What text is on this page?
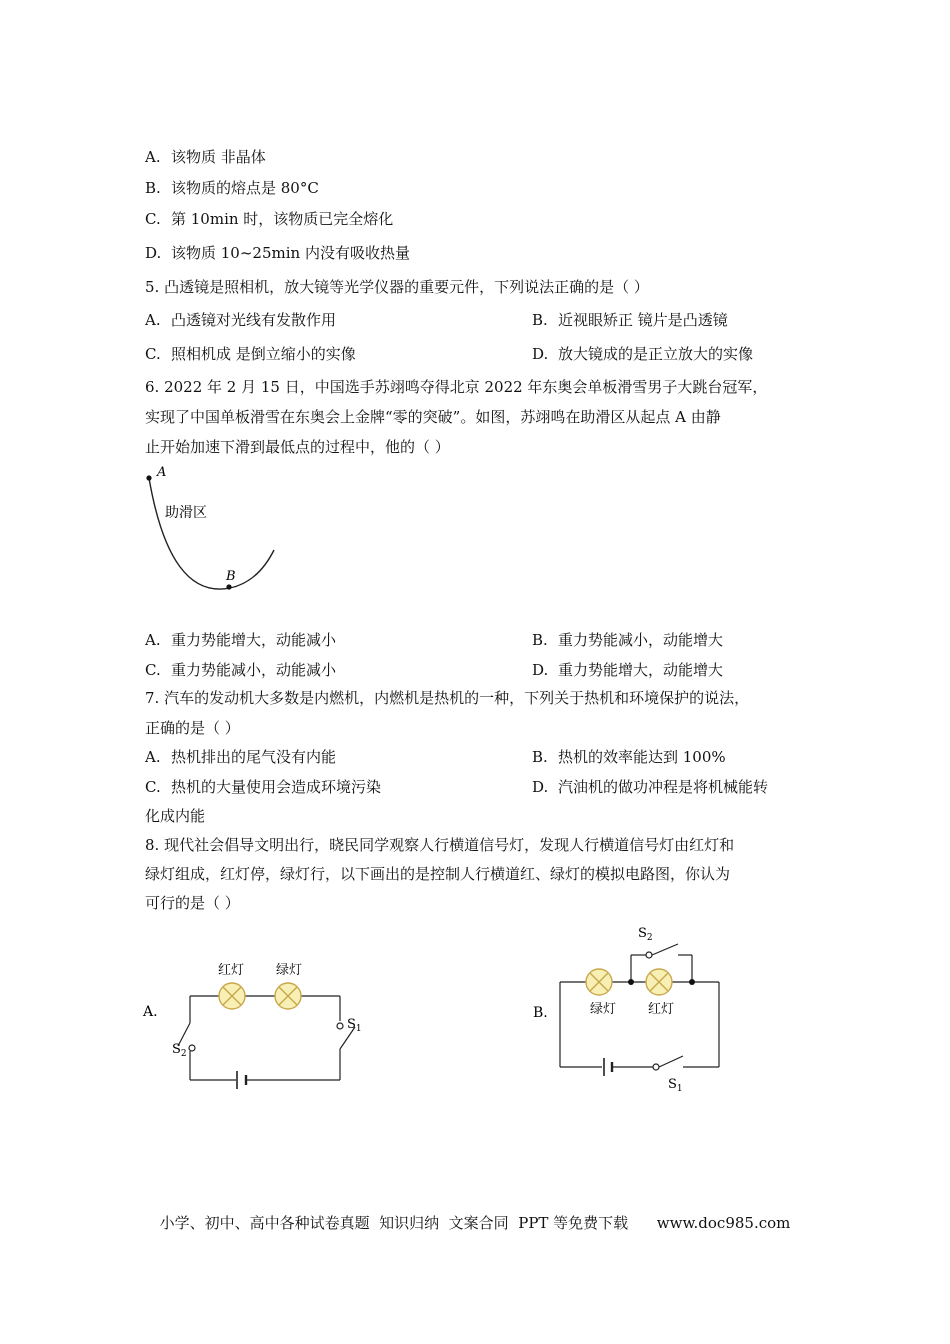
A. 该物质 非晶体
B. 该物质的熔点是 80°C
C. 第 10min 时，该物质已完全熔化
D. 该物质 10~25min 内没有吸收热量
5. 凸透镜是照相机，放大镜等光学仪器的重要元件，下列说法正确的是（ ）
A. 凸透镜对光线有发散作用	B. 近视眼矫正 镜片是凸透镜
C. 照相机成 是倒立缩小的实像	D. 放大镜成的是正立放大的实像
6. 2022 年 2 月 15 日，中国选手苏翊鸣夺得北京 2022 年东奥会单板滑雪男子大跳台冠军，
实现了中国单板滑雪在东奥会上金牌“零的突破”。如图，苏翊鸣在助滑区从起点 A 由静
止开始加速下滑到最低点的过程中，他的（ ）
A
B
助滑区
A. 重力势能增大，动能减小	B. 重力势能减小，动能增大
C. 重力势能减小，动能减小	D. 重力势能增大，动能增大
7. 汽车的发动机大多数是内燃机，内燃机是热机的一种，下列关于热机和环境保护的说法，
正确的是（ ）
A. 热机排出的尾气没有内能	B. 热机的效率能达到 100%
C. 热机的大量使用会造成环境污染	D. 汽油机的做功冲程是将机械能转
化成内能
8. 现代社会倡导文明出行，晓民同学观察人行横道信号灯，发现人行横道信号灯由红灯和
绿灯组成，红灯停，绿灯行，以下画出的是控制人行横道红、绿灯的模拟电路图，你认为
可行的是（ ）
A.
红灯 绿灯
$S_1$
$S_2$
B.	绿灯 红灯
$S_2$
$S_1$
小学、初中、高中各种试卷真题  知识归纳  文案合同  PPT 等免费下载      www.doc985.com
